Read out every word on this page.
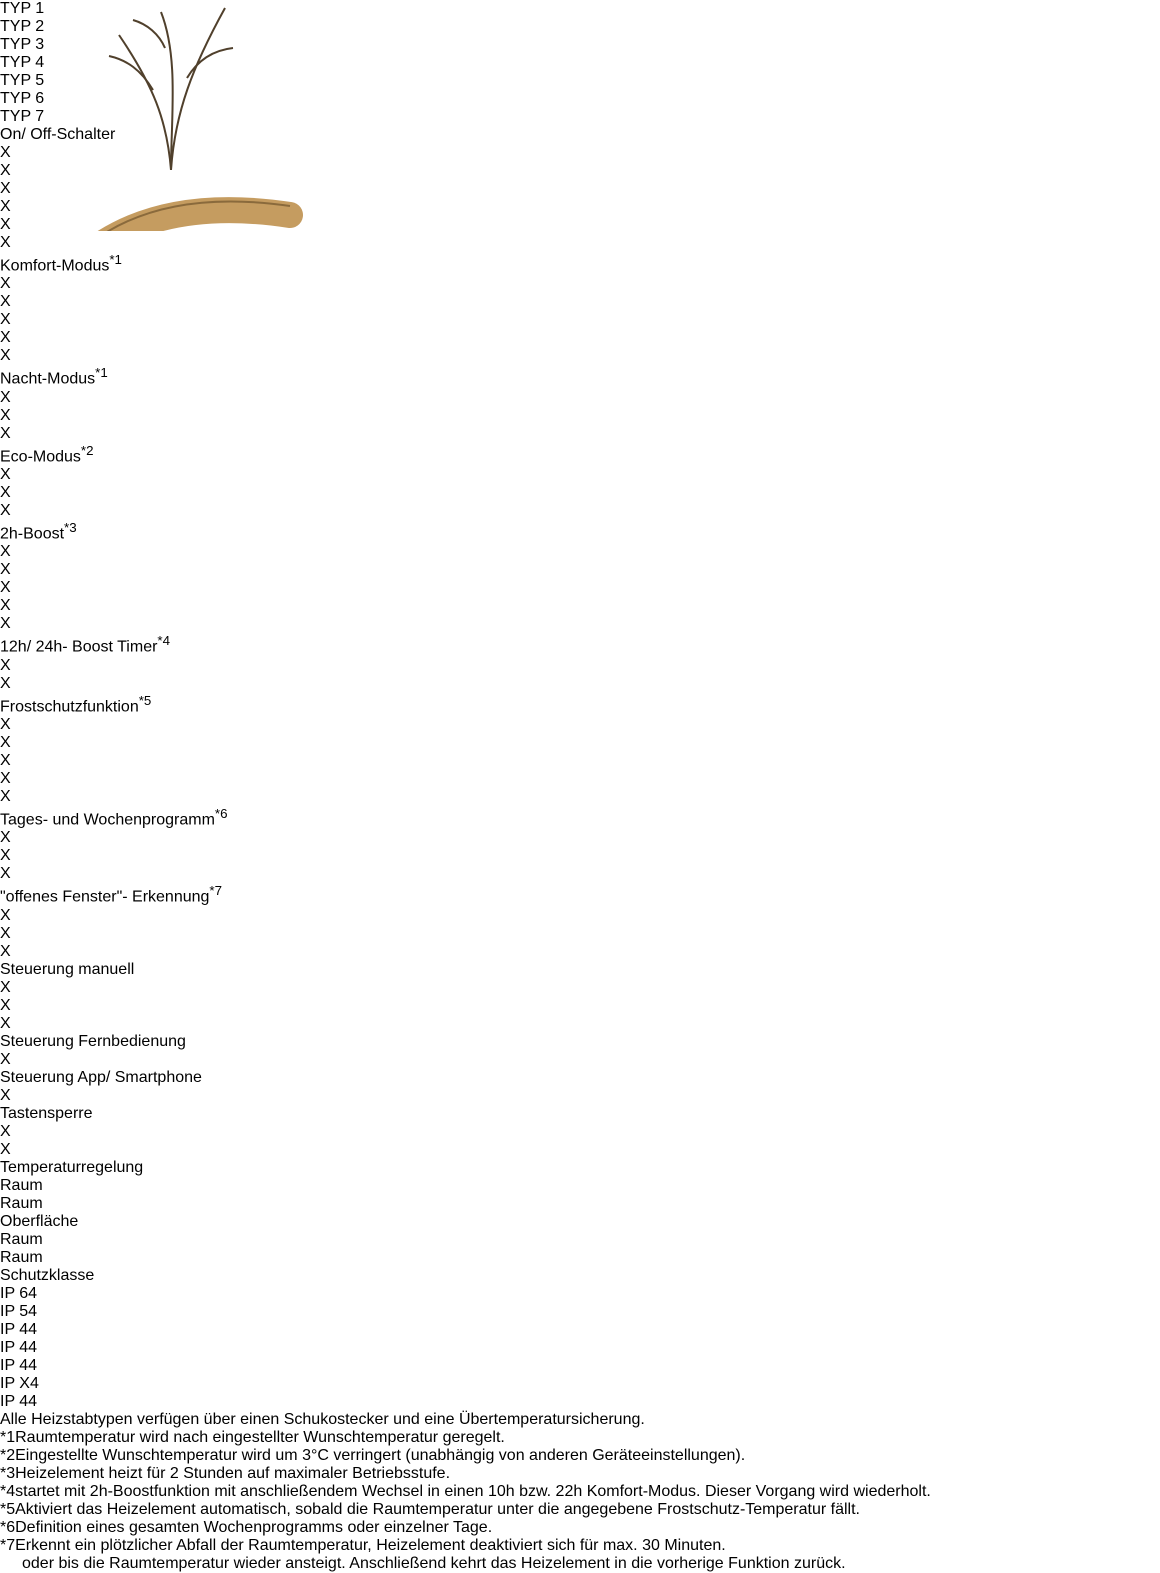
TYP 1
TYP 2
TYP 3
TYP 4
TYP 5
TYP 6
TYP 7
On/ Off-Schalter
X
X
X
X
X
X
Komfort-Modus$^{*1}$
X
X
X
X
X
Nacht-Modus$^{*1}$
X
X
X
Eco-Modus$^{*2}$
X
X
X
2h-Boost$^{*3}$
X
X
X
X
X
12h/ 24h- Boost Timer$^{*4}$
X
X
Frostschutzfunktion$^{*5}$
X
X
X
X
X
Tages- und Wochenprogramm$^{*6}$
X
X
X
"offenes Fenster"- Erkennung$^{*7}$
X
X
X
Steuerung manuell
X
X
X
Steuerung Fernbedienung
X
Steuerung App/ Smartphone
X
Tastensperre
X
X
Temperaturregelung
Raum
Raum
Oberfläche
Raum
Raum
Schutzklasse
IP 64
IP 54
IP 44
IP 44
IP 44
IP X4
IP 44
Alle Heizstabtypen verfügen über einen Schukostecker und eine Übertemperatursicherung.
*1Raumtemperatur wird nach eingestellter Wunschtemperatur geregelt.
*2Eingestellte Wunschtemperatur wird um 3°C verringert (unabhängig von anderen Geräteeinstellungen).
*3Heizelement heizt für 2 Stunden auf maximaler Betriebsstufe.
*4startet mit 2h-Boostfunktion mit anschließendem Wechsel in einen 10h bzw. 22h Komfort-Modus. Dieser Vorgang wird wiederholt.
*5Aktiviert das Heizelement automatisch, sobald die Raumtemperatur unter die angegebene Frostschutz-Temperatur fällt.
*6Definition eines gesamten Wochenprogramms oder einzelner Tage.
*7Erkennt ein plötzlicher Abfall der Raumtemperatur, Heizelement deaktiviert sich für max. 30 Minuten.
oder bis die Raumtemperatur wieder ansteigt. Anschließend kehrt das Heizelement in die vorherige Funktion zurück.
